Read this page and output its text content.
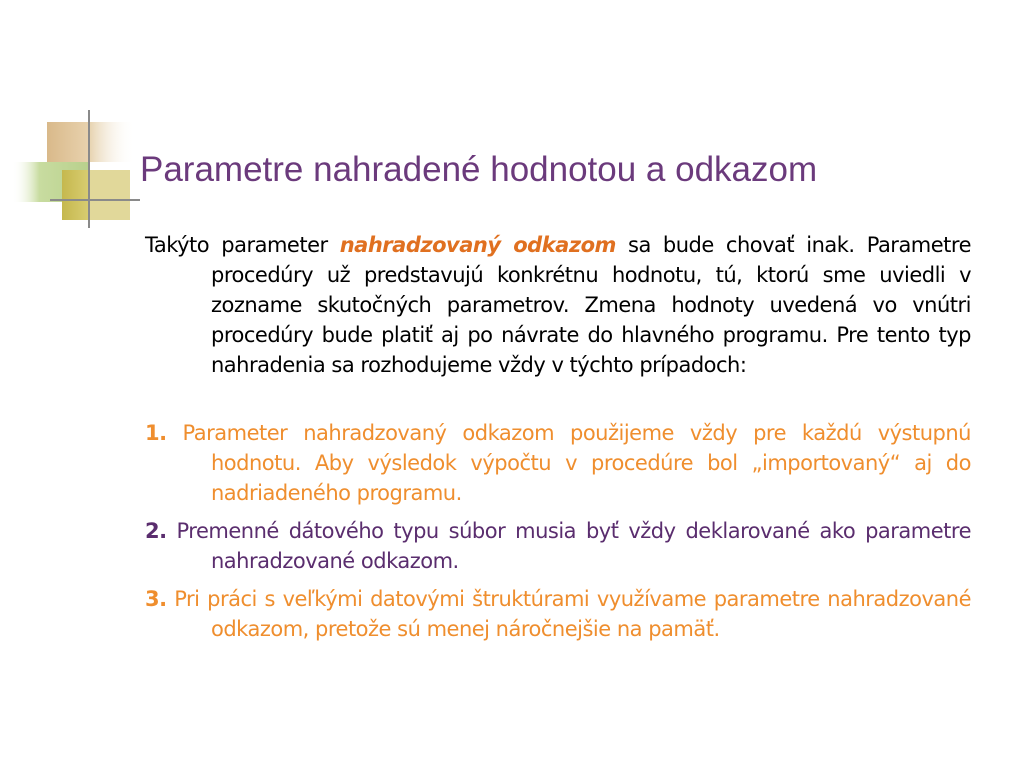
Parametre nahradené hodnotou a odkazom

Takýto parameter nahradzovaný odkazom sa bude chovať inak. Parametre procedúry už predstavujú konkrétnu hodnotu, tú, ktorú sme uviedli v zozname skutočných parametrov. Zmena hodnoty uvedená vo vnútri procedúry bude platiť aj po návrate do hlavného programu. Pre tento typ nahradenia sa rozhodujeme vždy v týchto prípadoch:

1. Parameter nahradzovaný odkazom použijeme vždy pre každú výstupnú hodnotu. Aby výsledok výpočtu v procedúre bol „importovaný“ aj do nadriadeného programu.

2. Premenné dátového typu súbor musia byť vždy deklarované ako parametre nahradzované odkazom.

3. Pri práci s veľkými datovými štruktúrami využívame parametre nahradzované odkazom, pretože sú menej náročnejšie na pamäť.
